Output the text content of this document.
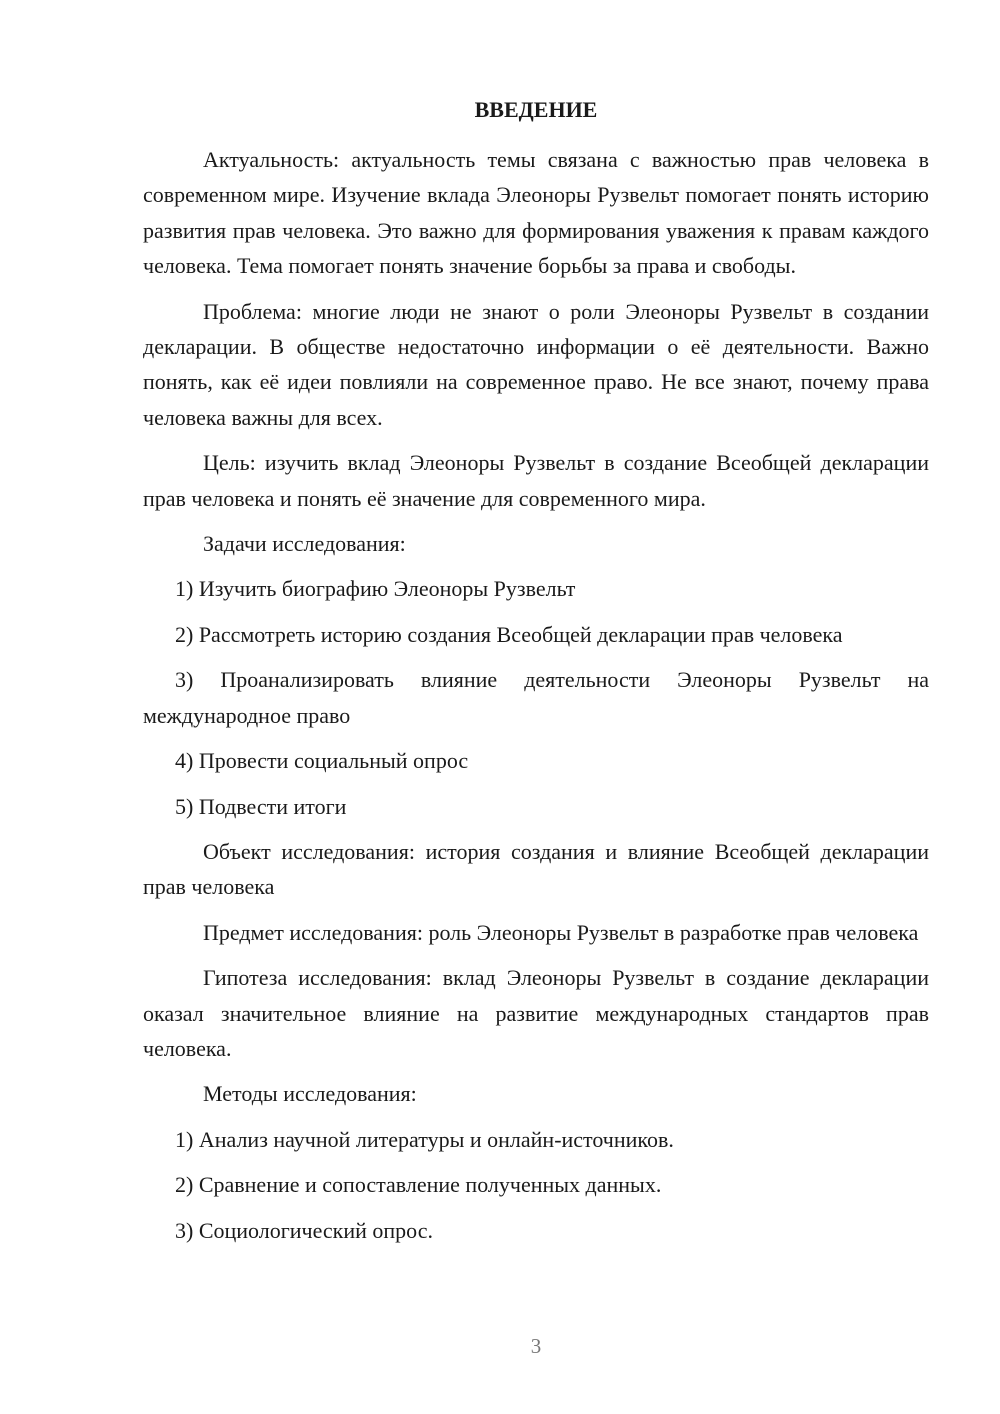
ВВЕДЕНИЕ

Актуальность: актуальность темы связана с важностью прав человека в современном мире. Изучение вклада Элеоноры Рузвельт помогает понять историю развития прав человека. Это важно для формирования уважения к правам каждого человека. Тема помогает понять значение борьбы за права и свободы.

Проблема: многие люди не знают о роли Элеоноры Рузвельт в создании декларации. В обществе недостаточно информации о её деятельности. Важно понять, как её идеи повлияли на современное право. Не все знают, почему права человека важны для всех.

Цель: изучить вклад Элеоноры Рузвельт в создание Всеобщей декларации прав человека и понять её значение для современного мира.

Задачи исследования:

1) Изучить биографию Элеоноры Рузвельт

2) Рассмотреть историю создания Всеобщей декларации прав человека

3) Проанализировать влияние деятельности Элеоноры Рузвельт на международное право

4) Провести социальный опрос

5) Подвести итоги

Объект исследования: история создания и влияние Всеобщей декларации прав человека

Предмет исследования: роль Элеоноры Рузвельт в разработке прав человека

Гипотеза исследования: вклад Элеоноры Рузвельт в создание декларации оказал значительное влияние на развитие международных стандартов прав человека.

Методы исследования:

1) Анализ научной литературы и онлайн-источников.

2) Сравнение и сопоставление полученных данных.

3) Социологический опрос.

3
